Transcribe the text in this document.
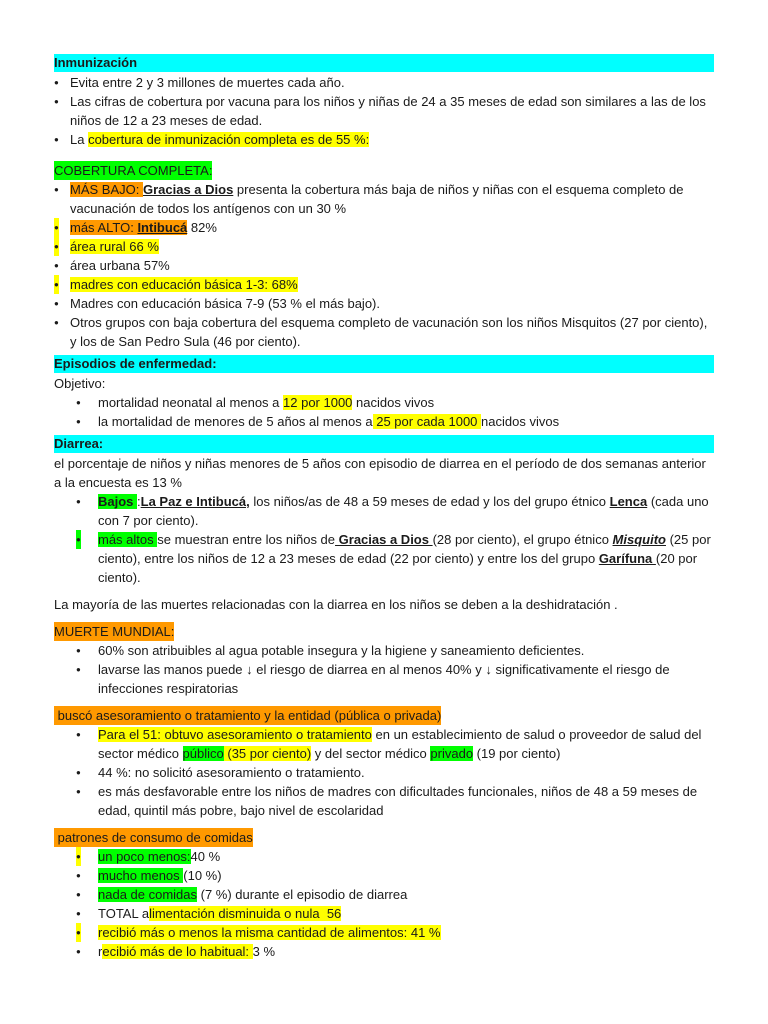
Inmunización
● Evita entre 2 y 3 millones de muertes cada año.
● Las cifras de cobertura por vacuna para los niños y niñas de 24 a 35 meses de edad son similares a las de los niños de 12 a 23 meses de edad.
● La cobertura de inmunización completa es de 55 %:
COBERTURA COMPLETA:
● MÁS BAJO: Gracias a Dios presenta la cobertura más baja de niños y niñas con el esquema completo de vacunación de todos los antígenos con un 30 %
● más ALTO: Intibucá 82%
● área rural 66 %
● área urbana 57%
● madres con educación básica 1-3: 68%
● Madres con educación básica 7-9 (53 % el más bajo).
● Otros grupos con baja cobertura del esquema completo de vacunación son los niños Misquitos (27 por ciento), y los de San Pedro Sula (46 por ciento).
Episodios de enfermedad:

Objetivo:

● mortalidad neonatal al menos a 12 por 1000 nacidos vivos
● la mortalidad de menores de 5 años al menos a 25 por cada 1000 nacidos vivos
Diarrea:

el porcentaje de niños y niñas menores de 5 años con episodio de diarrea en el período de dos semanas anterior a la encuesta es 13 %

● Bajos :La Paz e Intibucá, los niños/as de 48 a 59 meses de edad y los del grupo étnico Lenca (cada uno con 7 por ciento).
● más altos se muestran entre los niños de Gracias a Dios (28 por ciento), el grupo étnico Misquito (25 por ciento), entre los niños de 12 a 23 meses de edad (22 por ciento) y entre los del grupo Garífuna (20 por ciento).

La mayoría de las muertes relacionadas con la diarrea en los niños se deben a la deshidratación .

MUERTE MUNDIAL:
● 60% son atribuibles al agua potable insegura y la higiene y saneamiento deficientes.
● lavarse las manos puede ↓ el riesgo de diarrea en al menos 40% y ↓ significativamente el riesgo de infecciones respiratorias
buscó asesoramiento o tratamiento y la entidad (pública o privada)
● Para el 51: obtuvo asesoramiento o tratamiento en un establecimiento de salud o proveedor de salud del sector médico público (35 por ciento) y del sector médico privado (19 por ciento)
● 44 %: no solicitó asesoramiento o tratamiento.
● es más desfavorable entre los niños de madres con dificultades funcionales, niños de 48 a 59 meses de edad, quintil más pobre, bajo nivel de escolaridad
patrones de consumo de comidas
● un poco menos:40 %
● mucho menos (10 %)
● nada de comidas (7 %) durante el episodio de diarrea
● TOTAL alimentación disminuida o nula  56
● recibió más o menos la misma cantidad de alimentos: 41 %
● recibió más de lo habitual: 3 %
